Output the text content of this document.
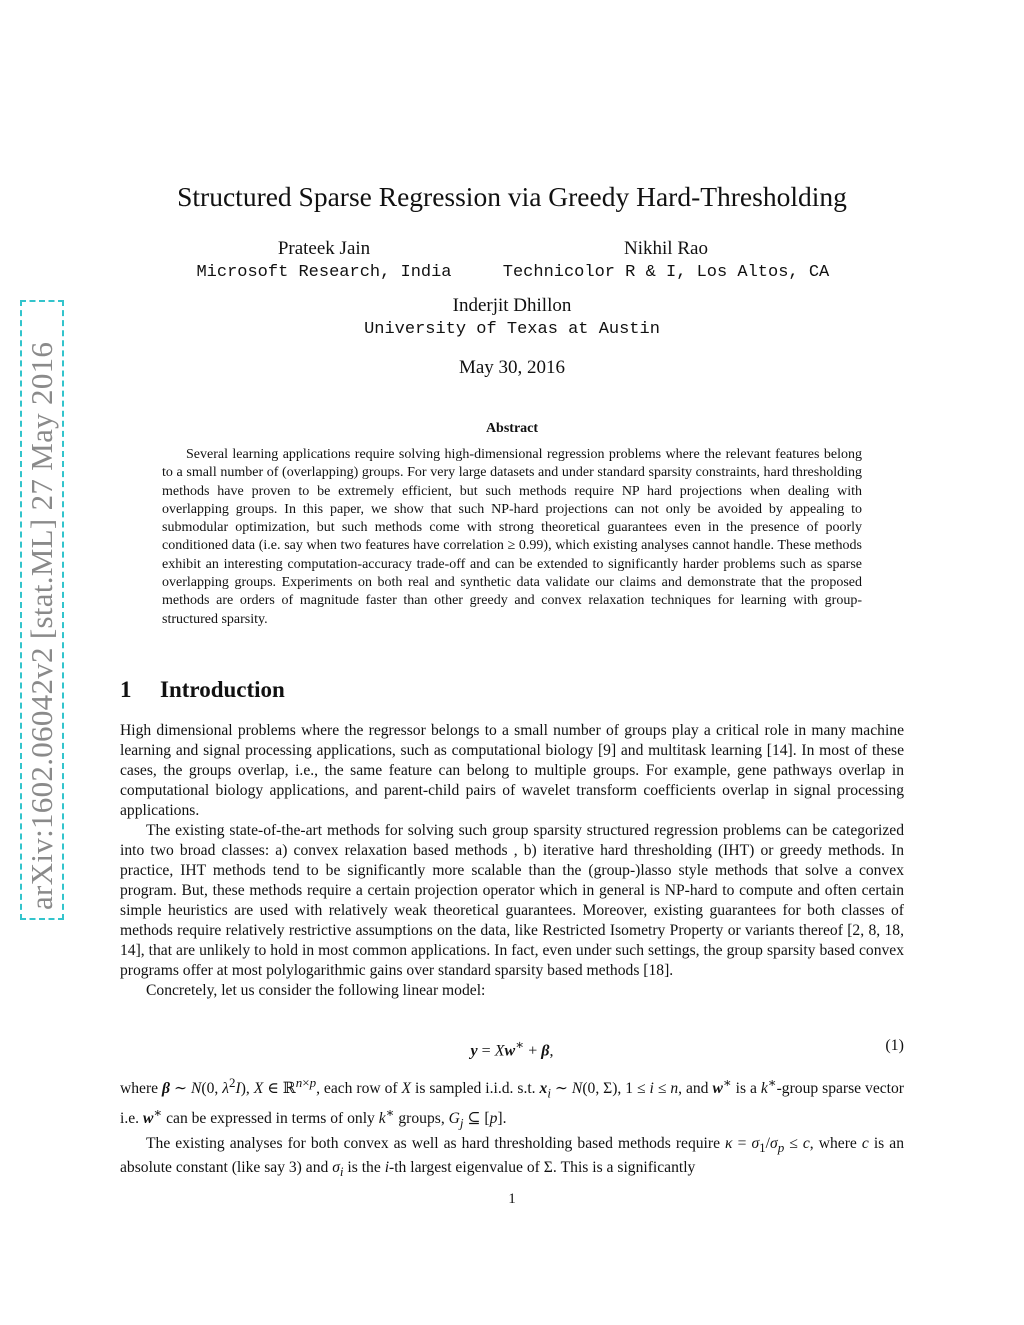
arXiv:1602.06042v2 [stat.ML] 27 May 2016
Structured Sparse Regression via Greedy Hard-Thresholding
Prateek Jain
Microsoft Research, India
Nikhil Rao
Technicolor R & I, Los Altos, CA
Inderjit Dhillon
University of Texas at Austin
May 30, 2016
Abstract
Several learning applications require solving high-dimensional regression problems where the relevant features belong to a small number of (overlapping) groups. For very large datasets and under standard sparsity constraints, hard thresholding methods have proven to be extremely efficient, but such methods require NP hard projections when dealing with overlapping groups. In this paper, we show that such NP-hard projections can not only be avoided by appealing to submodular optimization, but such methods come with strong theoretical guarantees even in the presence of poorly conditioned data (i.e. say when two features have correlation ≥ 0.99), which existing analyses cannot handle. These methods exhibit an interesting computation-accuracy trade-off and can be extended to significantly harder problems such as sparse overlapping groups. Experiments on both real and synthetic data validate our claims and demonstrate that the proposed methods are orders of magnitude faster than other greedy and convex relaxation techniques for learning with group-structured sparsity.
1 Introduction

High dimensional problems where the regressor belongs to a small number of groups play a critical role in many machine learning and signal processing applications, such as computational biology [9] and multitask learning [14]. In most of these cases, the groups overlap, i.e., the same feature can belong to multiple groups. For example, gene pathways overlap in computational biology applications, and parent-child pairs of wavelet transform coefficients overlap in signal processing applications.

The existing state-of-the-art methods for solving such group sparsity structured regression problems can be categorized into two broad classes: a) convex relaxation based methods , b) iterative hard thresholding (IHT) or greedy methods. In practice, IHT methods tend to be significantly more scalable than the (group-)lasso style methods that solve a convex program. But, these methods require a certain projection operator which in general is NP-hard to compute and often certain simple heuristics are used with relatively weak theoretical guarantees. Moreover, existing guarantees for both classes of methods require relatively restrictive assumptions on the data, like Restricted Isometry Property or variants thereof [2, 8, 18, 14], that are unlikely to hold in most common applications. In fact, even under such settings, the group sparsity based convex programs offer at most polylogarithmic gains over standard sparsity based methods [18].

Concretely, let us consider the following linear model:

y = Xw∗ + β,	(1)

where β ∼ N(0, $\lambda^2I$), X ∈ ℝ$^{n\times p}$, each row of X is sampled i.i.d. s.t. $x_i$ ∼ N(0, Σ), 1 ≤ i ≤ n, and w∗ is a k∗-group sparse vector i.e. w∗ can be expressed in terms of only k∗ groups, $G_j$ ⊆ [p].

The existing analyses for both convex as well as hard thresholding based methods require $\kappa = \sigma_1/\sigma_p \le c$, where c is an absolute constant (like say 3) and $\sigma_i$ is the i-th largest eigenvalue of Σ. This is a significantly

1
